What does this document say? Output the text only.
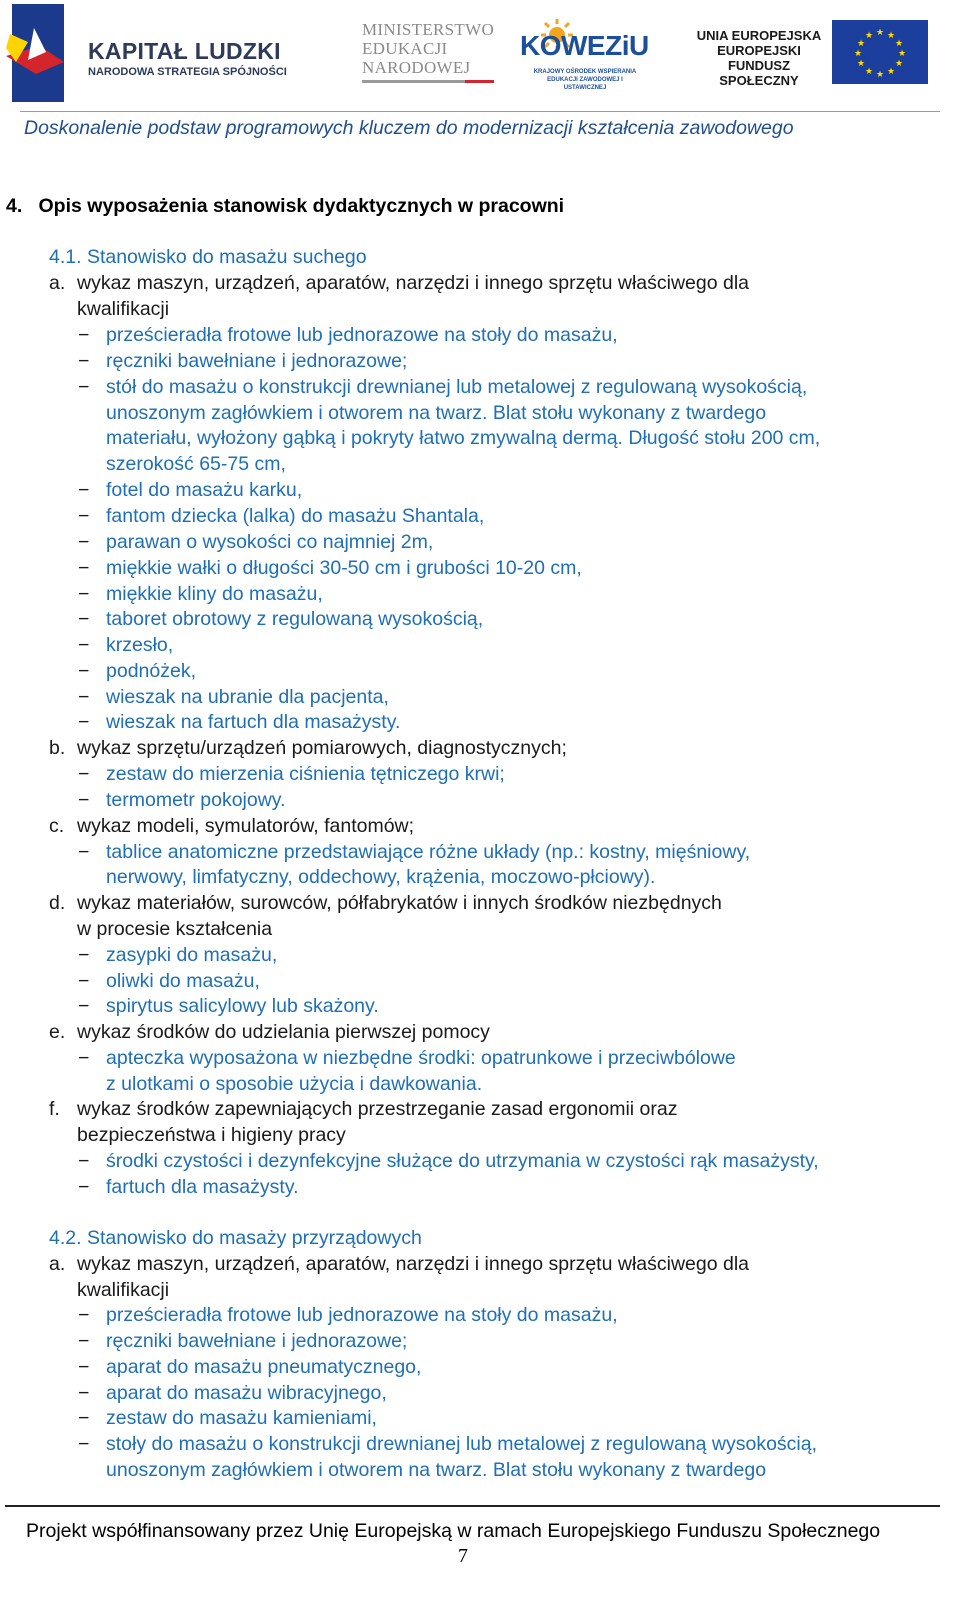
KAPITAŁ LUDZKI
NARODOWA STRATEGIA SPÓJNOŚCI
MINISTERSTWO
EDUKACJI
NARODOWEJ
KOWEZiU
KRAJOWY OŚRODEK WSPIERANIA EDUKACJI ZAWODOWEJ I USTAWICZNEJ
UNIA EUROPEJSKA
EUROPEJSKI
FUNDUSZ SPOŁECZNY
★ ★
★
★
★
★
★
★
★
★
★
★
Doskonalenie podstaw programowych kluczem do modernizacji kształcenia zawodowego
4.   Opis wyposażenia stanowisk dydaktycznych w pracowni
4.1. Stanowisko do masażu suchego
a. wykaz maszyn, urządzeń, aparatów, narzędzi i innego sprzętu właściwego dla
kwalifikacji
− prześcieradła frotowe lub jednorazowe na stoły do masażu,
− ręczniki bawełniane i jednorazowe;
− stół do masażu o konstrukcji drewnianej lub metalowej z regulowaną wysokością,
unoszonym zagłówkiem i otworem na twarz. Blat stołu wykonany z twardego
materiału, wyłożony gąbką i pokryty łatwo zmywalną dermą. Długość stołu 200 cm,
szerokość 65-75 cm,
− fotel do masażu karku,
− fantom dziecka (lalka) do masażu Shantala,
− parawan o wysokości co najmniej 2m,
− miękkie wałki o długości 30-50 cm i grubości 10-20 cm,
− miękkie kliny do masażu,
− taboret obrotowy z regulowaną wysokością,
− krzesło,
− podnóżek,
− wieszak na ubranie dla pacjenta,
− wieszak na fartuch dla masażysty.
b. wykaz sprzętu/urządzeń pomiarowych, diagnostycznych;
− zestaw do mierzenia ciśnienia tętniczego krwi;
− termometr pokojowy.
c. wykaz modeli, symulatorów, fantomów;
− tablice anatomiczne przedstawiające różne układy (np.: kostny, mięśniowy,
nerwowy, limfatyczny, oddechowy, krążenia, moczowo-płciowy).
d. wykaz materiałów, surowców, półfabrykatów i innych środków niezbędnych
w procesie kształcenia
− zasypki do masażu,
− oliwki do masażu,
− spirytus salicylowy lub skażony.
e. wykaz środków do udzielania pierwszej pomocy
− apteczka wyposażona w niezbędne środki: opatrunkowe i przeciwbólowe
z ulotkami o sposobie użycia i dawkowania.
f. wykaz środków zapewniających przestrzeganie zasad ergonomii oraz
bezpieczeństwa i higieny pracy
− środki czystości i dezynfekcyjne służące do utrzymania w czystości rąk masażysty,
− fartuch dla masażysty.
4.2. Stanowisko do masaży przyrządowych
a. wykaz maszyn, urządzeń, aparatów, narzędzi i innego sprzętu właściwego dla
kwalifikacji
− prześcieradła frotowe lub jednorazowe na stoły do masażu,
− ręczniki bawełniane i jednorazowe;
− aparat do masażu pneumatycznego,
− aparat do masażu wibracyjnego,
− zestaw do masażu kamieniami,
− stoły do masażu o konstrukcji drewnianej lub metalowej z regulowaną wysokością,
unoszonym zagłówkiem i otworem na twarz. Blat stołu wykonany z twardego
Projekt współfinansowany przez Unię Europejską w ramach Europejskiego Funduszu Społecznego
7
